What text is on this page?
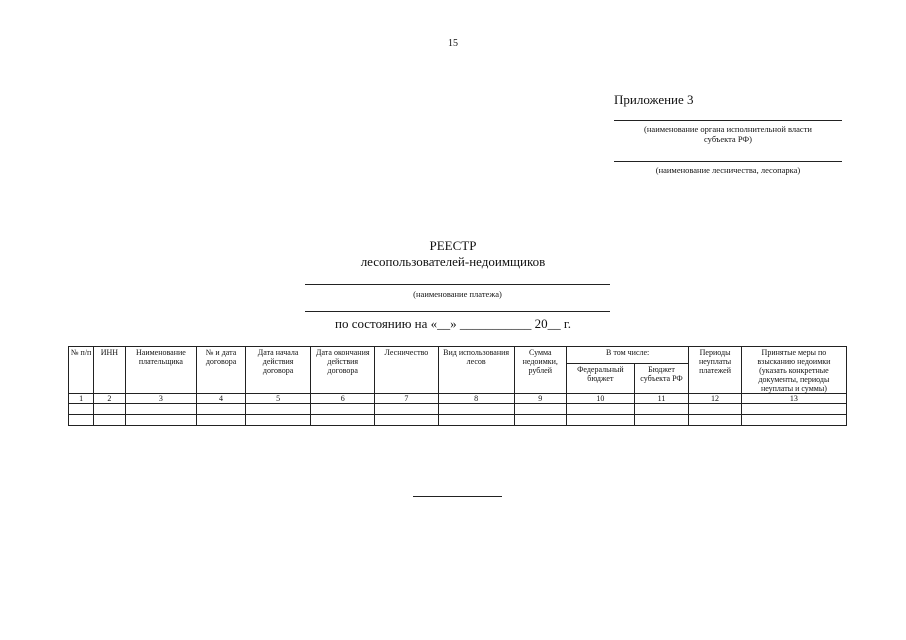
15
Приложение 3
(наименование органа исполнительной власти
субъекта РФ)
(наименование лесничества, лесопарка)
РЕЕСТР
лесопользователей-недоимщиков
(наименование платежа)
по состоянию на «__» ___________ 20__ г.
№ п/п	ИНН	Наименование плательщика	№ и дата договора	Дата начала действия договора	Дата окончания действия договора	Лесничество	Вид использования лесов	Сумма недоимки, рублей	В том числе:		Периоды неуплаты платежей	Принятые меры по взысканию недоимки (указать конкретные документы, периоды неуплаты и суммы)
									Федеральный бюджет	Бюджет субъекта РФ		
1	2	3	4	5	6	7	8	9	10	11	12	13
